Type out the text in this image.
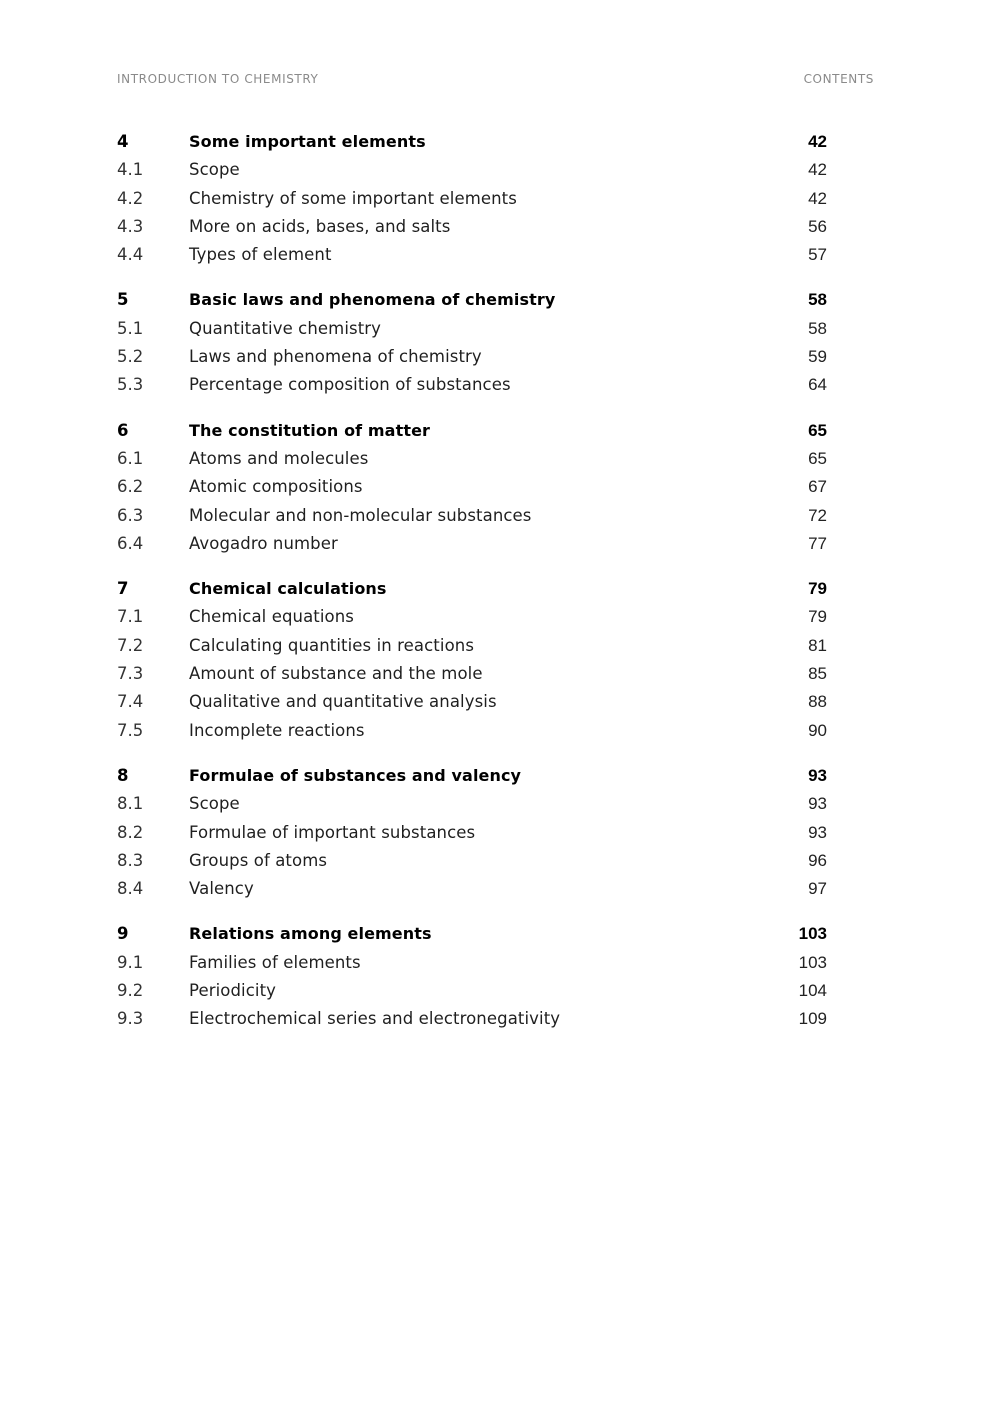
INTRODUCTION TO CHEMISTRY	CONTENTS
4	Some important elements	42
4.1	Scope	42
4.2	Chemistry of some important elements	42
4.3	More on acids, bases, and salts	56
4.4	Types of element	57
5	Basic laws and phenomena of chemistry	58
5.1	Quantitative chemistry	58
5.2	Laws and phenomena of chemistry	59
5.3	Percentage composition of substances	64
6	The constitution of matter	65
6.1	Atoms and molecules	65
6.2	Atomic compositions	67
6.3	Molecular and non-molecular substances	72
6.4	Avogadro number	77
7	Chemical calculations	79
7.1	Chemical equations	79
7.2	Calculating quantities in reactions	81
7.3	Amount of substance and the mole	85
7.4	Qualitative and quantitative analysis	88
7.5	Incomplete reactions	90
8	Formulae of substances and valency	93
8.1	Scope	93
8.2	Formulae of important substances	93
8.3	Groups of atoms	96
8.4	Valency	97
9	Relations among elements	103
9.1	Families of elements	103
9.2	Periodicity	104
9.3	Electrochemical series and electronegativity	109
